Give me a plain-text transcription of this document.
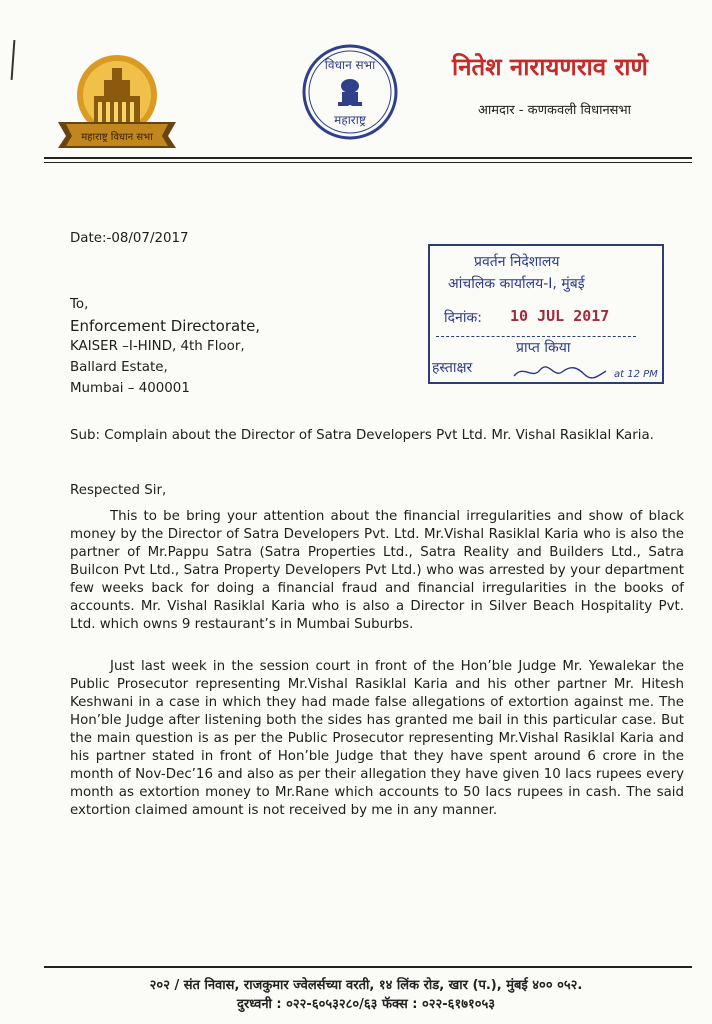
महाराष्ट्र विधान सभा
विधान सभा
महाराष्ट्र
नितेश नारायणराव राणे
आमदार - कणकवली विधानसभा
Date:-08/07/2017
To,
Enforcement Directorate,
KAISER –I-HIND, 4th Floor,
Ballard Estate,
Mumbai – 400001
प्रवर्तन निदेशालय
आंचलिक कार्यालय-I, मुंबई
दिनांक: 10 JUL 2017
प्राप्त किया
हस्ताक्षर	at 12 PM
Sub: Complain about the Director of Satra Developers Pvt Ltd. Mr. Vishal Rasiklal Karia.
Respected Sir,
This to be bring your attention about the financial irregularities and show of black money by the Director of Satra Developers Pvt. Ltd. Mr.Vishal Rasiklal Karia who is also the partner of Mr.Pappu Satra (Satra Properties Ltd., Satra Reality and Builders Ltd., Satra Builcon Pvt Ltd., Satra Property Developers Pvt Ltd.) who was arrested by your department few weeks back for doing a financial fraud and financial irregularities in the books of accounts. Mr. Vishal Rasiklal Karia who is also a Director in Silver Beach Hospitality Pvt. Ltd. which owns 9 restaurant’s in Mumbai Suburbs.
Just last week in the session court in front of the Hon’ble Judge Mr. Yewalekar the Public Prosecutor representing Mr.Vishal Rasiklal Karia and his other partner Mr. Hitesh Keshwani in a case in which they had made false allegations of extortion against me. The Hon’ble Judge after listening both the sides has granted me bail in this particular case. But the main question is as per the Public Prosecutor representing Mr.Vishal Rasiklal Karia and his partner stated in front of Hon’ble Judge that they have spent around 6 crore in the month of Nov-Dec’16 and also as per their allegation they have given 10 lacs rupees every month as extortion money to Mr.Rane which accounts to 50 lacs rupees in cash. The said extortion claimed amount is not received by me in any manner.
२०२ / संत निवास, राजकुमार ज्वेलर्सच्या वरती, १४ लिंक रोड, खार (प.), मुंबई ४०० ०५२.
दुरध्वनी : ०२२-६०५३२८०/६३ फॅक्स : ०२२-६१७१०५३
